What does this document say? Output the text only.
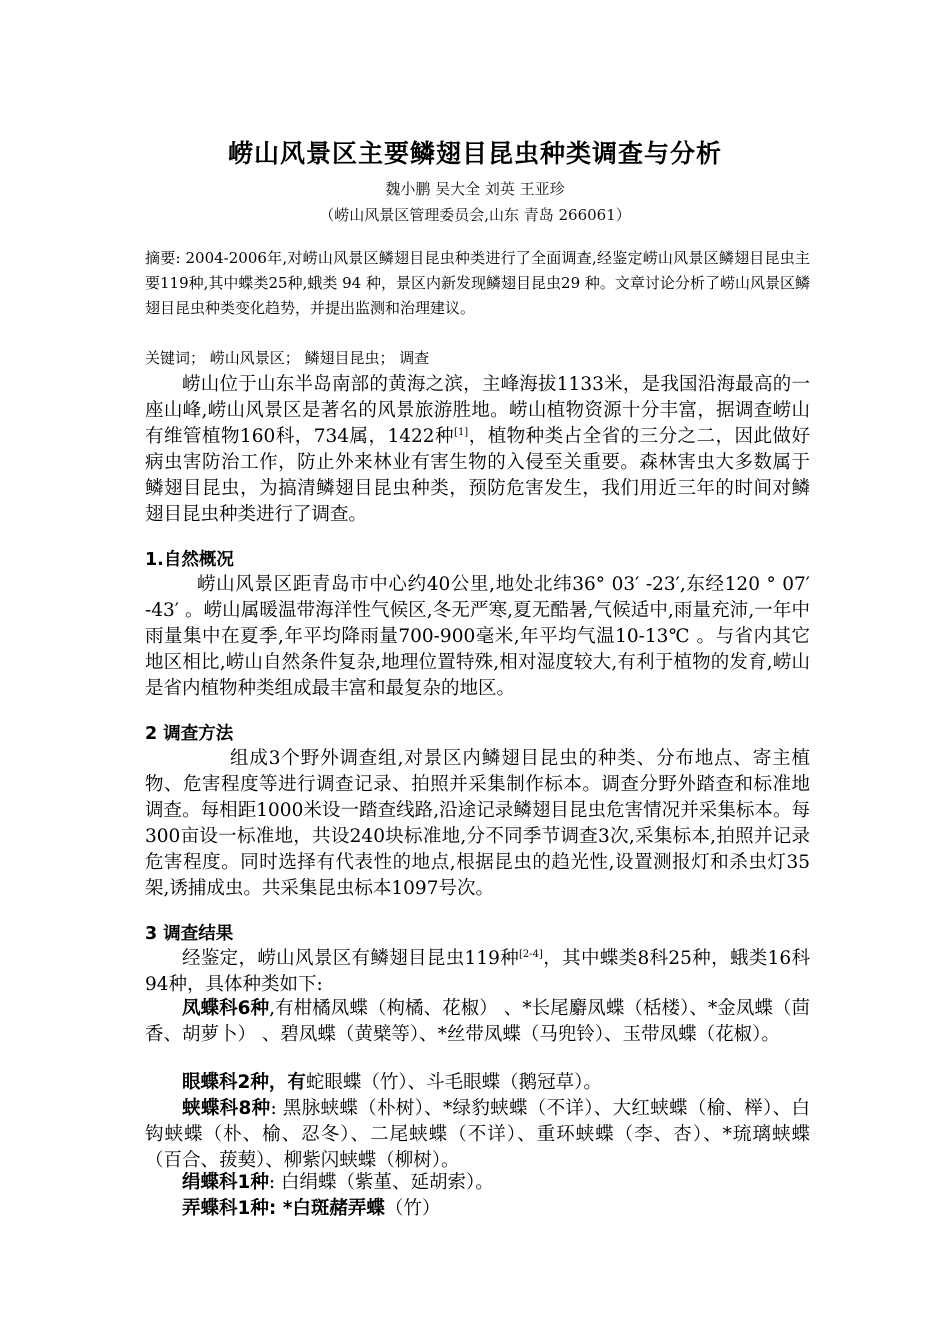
崂山风景区主要鳞翅目昆虫种类调查与分析
魏小鹏 吴大全 刘英 王亚珍
（崂山风景区管理委员会,山东 青岛 266061）

摘要: 2004-2006年,对崂山风景区鳞翅目昆虫种类进行了全面调查,经鉴定崂山风景区鳞翅目昆虫主要119种,其中蝶类25种,蛾类 94 种，景区内新发现鳞翅目昆虫29 种。文章讨论分析了崂山风景区鳞翅目昆虫种类变化趋势，并提出监测和治理建议。

关键词； 崂山风景区； 鳞翅目昆虫； 调查

崂山位于山东半岛南部的黄海之滨，主峰海拔1133米，是我国沿海最高的一座山峰,崂山风景区是著名的风景旅游胜地。崂山植物资源十分丰富，据调查崂山有维管植物160科，734属，1422种[1]，植物种类占全省的三分之二，因此做好病虫害防治工作，防止外来林业有害生物的入侵至关重要。森林害虫大多数属于鳞翅目昆虫，为搞清鳞翅目昆虫种类，预防危害发生，我们用近三年的时间对鳞翅目昆虫种类进行了调查。

1.自然概况

崂山风景区距青岛市中心约40公里,地处北纬36° 03′ -23′,东经120 ° 07′ -43′ 。崂山属暖温带海洋性气候区,冬无严寒,夏无酷暑,气候适中,雨量充沛,一年中雨量集中在夏季,年平均降雨量700-900毫米,年平均气温10-13℃ 。与省内其它地区相比,崂山自然条件复杂,地理位置特殊,相对湿度较大,有利于植物的发育,崂山是省内植物种类组成最丰富和最复杂的地区。

2 调查方法

组成3个野外调查组,对景区内鳞翅目昆虫的种类、分布地点、寄主植物、危害程度等进行调查记录、拍照并采集制作标本。调查分野外踏查和标准地调查。每相距1000米设一踏查线路,沿途记录鳞翅目昆虫危害情况并采集标本。每300亩设一标准地，共设240块标准地,分不同季节调查3次,采集标本,拍照并记录危害程度。同时选择有代表性的地点,根据昆虫的趋光性,设置测报灯和杀虫灯35架,诱捕成虫。共采集昆虫标本1097号次。

3 调查结果

经鉴定，崂山风景区有鳞翅目昆虫119种[2-4]，其中蝶类8科25种，蛾类16科94种，具体种类如下:

凤蝶科6种,有柑橘凤蝶（枸橘、花椒） 、*长尾麝凤蝶（栝楼）、*金凤蝶（茴香、胡萝卜） 、碧凤蝶（黄檗等）、*丝带凤蝶（马兜铃）、玉带凤蝶（花椒）。

眼蝶科2种，有蛇眼蝶（竹）、斗毛眼蝶（鹅冠草）。

蛱蝶科8种: 黑脉蛱蝶（朴树）、*绿豹蛱蝶（不详）、大红蛱蝶（榆、榉）、白钩蛱蝶（朴、榆、忍冬）、二尾蛱蝶（不详）、重环蛱蝶（李、杏）、*琉璃蛱蝶（百合、菝葜）、柳紫闪蛱蝶（柳树）。

绢蝶科1种: 白绢蝶（紫堇、延胡索）。

弄蝶科1种: *白斑赭弄蝶（竹）
